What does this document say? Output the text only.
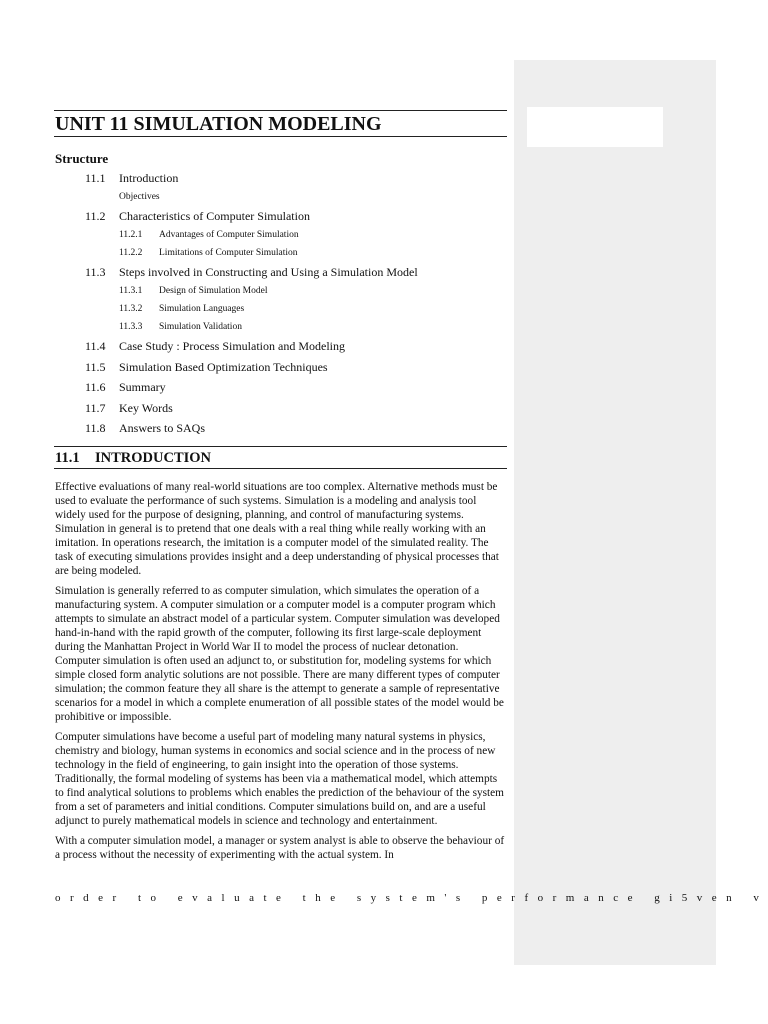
UNIT 11 SIMULATION MODELING
Structure
11.1 Introduction
Objectives
11.2 Characteristics of Computer Simulation
11.2.1 Advantages of Computer Simulation
11.2.2 Limitations of Computer Simulation
11.3 Steps involved in Constructing and Using a Simulation Model
11.3.1 Design of Simulation Model
11.3.2 Simulation Languages
11.3.3 Simulation Validation
11.4 Case Study : Process Simulation and Modeling
11.5 Simulation Based Optimization Techniques
11.6 Summary
11.7 Key Words
11.8 Answers to SAQs
11.1 INTRODUCTION

Effective evaluations of many real-world situations are too complex. Alternative methods must be used to evaluate the performance of such systems. Simulation is a modeling and analysis tool widely used for the purpose of designing, planning, and control of manufacturing systems. Simulation in general is to pretend that one deals with a real thing while really working with an imitation. In operations research, the imitation is a computer model of the simulated reality. The task of executing simulations provides insight and a deep understanding of physical processes that are being modeled.

Simulation is generally referred to as computer simulation, which simulates the operation of a manufacturing system. A computer simulation or a computer model is a computer program which attempts to simulate an abstract model of a particular system. Computer simulation was developed hand-in-hand with the rapid growth of the computer, following its first large-scale deployment during the Manhattan Project in World War II to model the process of nuclear detonation. Computer simulation is often used an adjunct to, or substitution for, modeling systems for which simple closed form analytic solutions are not possible. There are many different types of computer simulation; the common feature they all share is the attempt to generate a sample of representative scenarios for a model in which a complete enumeration of all possible states of the model would be prohibitive or impossible.

Computer simulations have become a useful part of modeling many natural systems in physics, chemistry and biology, human systems in economics and social science and in the process of new technology in the field of engineering, to gain insight into the operation of those systems. Traditionally, the formal modeling of systems has been via a mathematical model, which attempts to find analytical solutions to problems which enables the prediction of the behaviour of the system from a set of parameters and initial conditions. Computer simulations build on, and are a useful adjunct to purely mathematical models in science and technology and entertainment.

With a computer simulation model, a manager or system analyst is able to observe the behaviour of a process without the necessity of experimenting with the actual system. In

order to evaluate the system's performance gi5ven v
